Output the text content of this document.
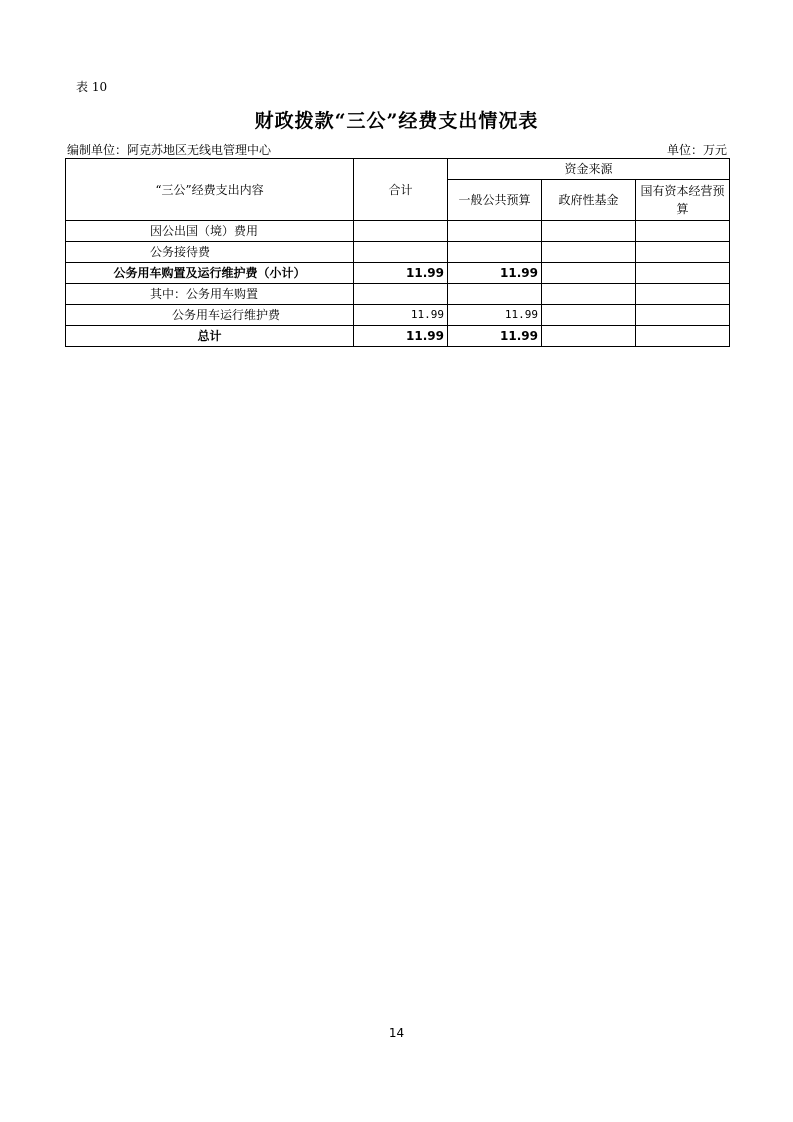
表 10
财政拨款“三公”经费支出情况表
编制单位：阿克苏地区无线电管理中心	单位：万元
“三公”经费支出内容	合计	资金来源		
		一般公共预算	政府性基金	国有资本经营预算
因公出国（境）费用				
公务接待费				
公务用车购置及运行维护费（小计）	11.99	11.99		
其中：公务用车购置				
公务用车运行维护费	11.99	11.99		
总计	11.99	11.99		
14
